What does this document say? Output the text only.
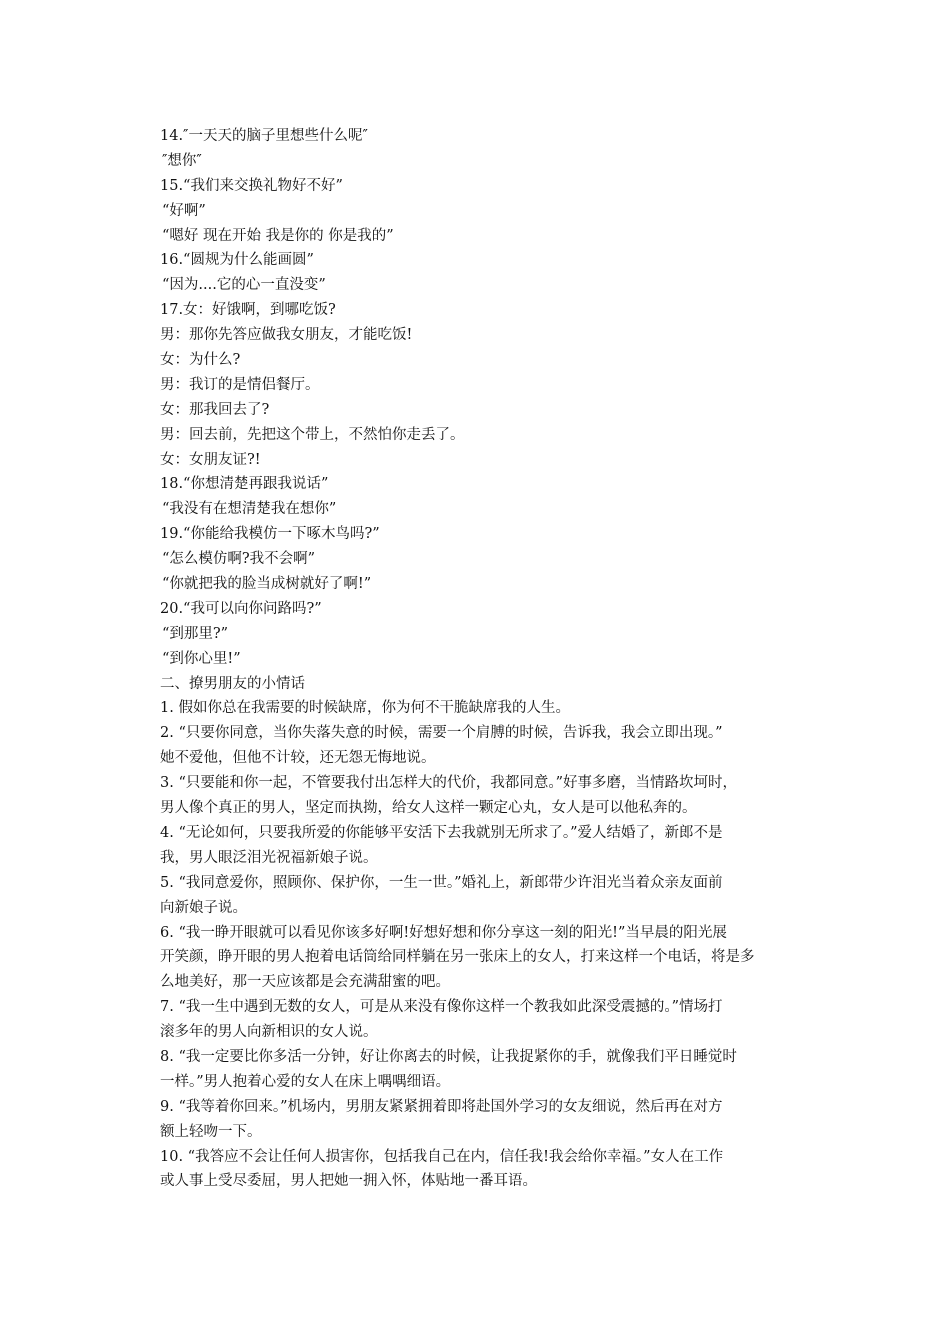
14.″一天天的脑子里想些什么呢″
″想你″
15.“我们来交换礼物好不好”
“好啊”
“嗯好 现在开始 我是你的 你是我的”
16.“圆规为什么能画圆”
“因为....它的心一直没变”
17.女：好饿啊，到哪吃饭?
男：那你先答应做我女朋友，才能吃饭!
女：为什么?
男：我订的是情侣餐厅。
女：那我回去了?
男：回去前，先把这个带上，不然怕你走丢了。
女：女朋友证?!
18.“你想清楚再跟我说话”
“我没有在想清楚我在想你”
19.“你能给我模仿一下啄木鸟吗?”
“怎么模仿啊?我不会啊”
“你就把我的脸当成树就好了啊!”
20.“我可以向你问路吗?”
“到那里?”
“到你心里!”
二、撩男朋友的小情话
1. 假如你总在我需要的时候缺席，你为何不干脆缺席我的人生。
2. “只要你同意，当你失落失意的时候，需要一个肩膊的时候，告诉我，我会立即出现。”
她不爱他，但他不计较，还无怨无悔地说。
3. “只要能和你一起，不管要我付出怎样大的代价，我都同意。”好事多磨，当情路坎坷时，
男人像个真正的男人，坚定而执拗，给女人这样一颗定心丸，女人是可以他私奔的。
4. “无论如何，只要我所爱的你能够平安活下去我就别无所求了。”爱人结婚了，新郎不是
我，男人眼泛泪光祝福新娘子说。
5. “我同意爱你，照顾你、保护你，一生一世。”婚礼上，新郎带少许泪光当着众亲友面前
向新娘子说。
6. “我一睁开眼就可以看见你该多好啊!好想好想和你分享这一刻的阳光!”当早晨的阳光展
开笑颜，睁开眼的男人抱着电话筒给同样躺在另一张床上的女人，打来这样一个电话，将是多
么地美好，那一天应该都是会充满甜蜜的吧。
7. “我一生中遇到无数的女人，可是从来没有像你这样一个教我如此深受震撼的。”情场打
滚多年的男人向新相识的女人说。
8. “我一定要比你多活一分钟，好让你离去的时候，让我捉紧你的手，就像我们平日睡觉时
一样。”男人抱着心爱的女人在床上喁喁细语。
9. “我等着你回来。”机场内，男朋友紧紧拥着即将赴国外学习的女友细说，然后再在对方
额上轻吻一下。
10. “我答应不会让任何人损害你，包括我自己在内，信任我!我会给你幸福。”女人在工作
或人事上受尽委屈，男人把她一拥入怀，体贴地一番耳语。
